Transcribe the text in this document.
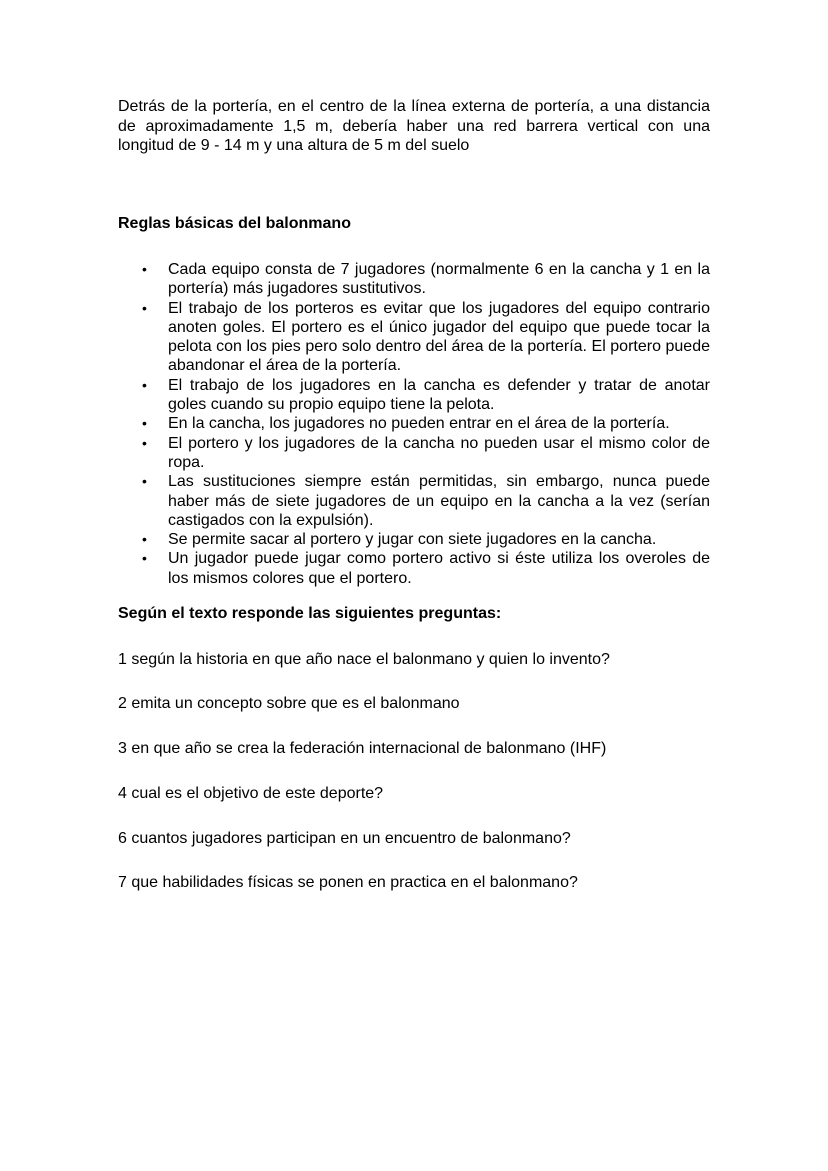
Detrás de la portería, en el centro de la línea externa de portería, a una distancia de aproximadamente 1,5 m, debería haber una red barrera vertical con una longitud de 9 - 14 m y una altura de 5 m del suelo

Reglas básicas del balonmano
• Cada equipo consta de 7 jugadores (normalmente 6 en la cancha y 1 en la portería) más jugadores sustitutivos.
• El trabajo de los porteros es evitar que los jugadores del equipo contrario anoten goles. El portero es el único jugador del equipo que puede tocar la pelota con los pies pero solo dentro del área de la portería. El portero puede abandonar el área de la portería.
• El trabajo de los jugadores en la cancha es defender y tratar de anotar goles cuando su propio equipo tiene la pelota.
• En la cancha, los jugadores no pueden entrar en el área de la portería.
• El portero y los jugadores de la cancha no pueden usar el mismo color de ropa.
• Las sustituciones siempre están permitidas, sin embargo, nunca puede haber más de siete jugadores de un equipo en la cancha a la vez (serían castigados con la expulsión).
• Se permite sacar al portero y jugar con siete jugadores en la cancha.
• Un jugador puede jugar como portero activo si éste utiliza los overoles de los mismos colores que el portero.
Según el texto responde las siguientes preguntas:

1 según la historia en que año nace el balonmano y quien lo invento?

2 emita un concepto sobre que es el balonmano

3 en que año se crea la federación internacional de balonmano (IHF)

4 cual es el objetivo de este deporte?

6 cuantos jugadores participan en un encuentro de balonmano?

7 que habilidades físicas se ponen en practica en el balonmano?
